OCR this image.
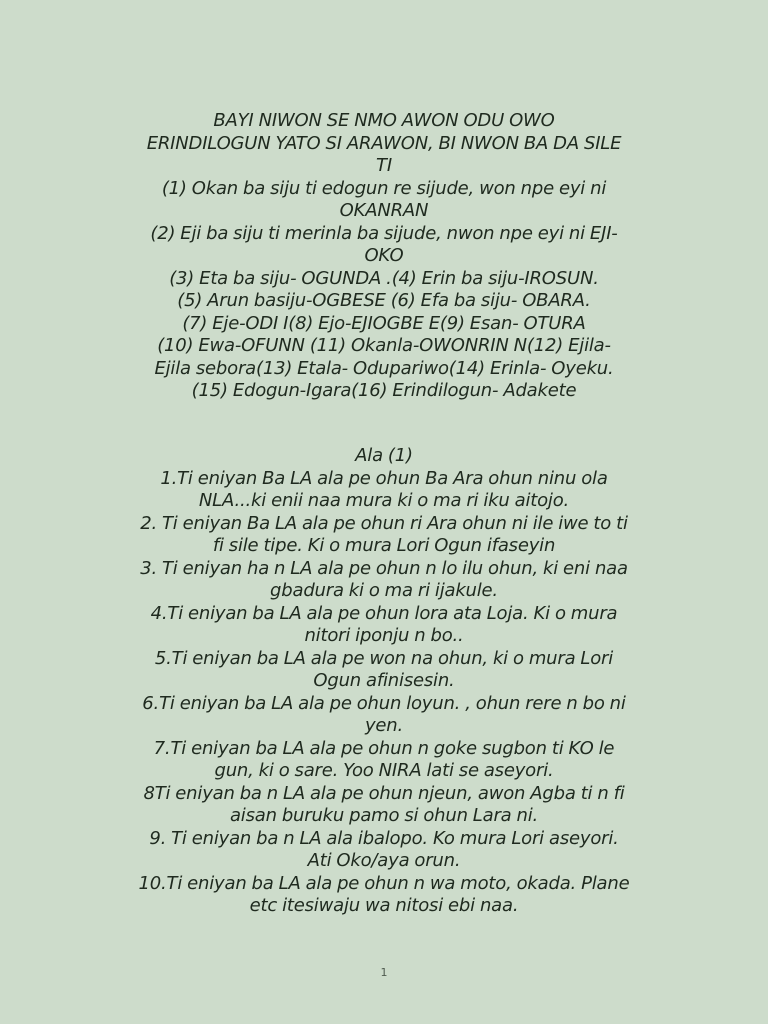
BAYI NIWON SE NMO AWON ODU OWO
ERINDILOGUN YATO SI ARAWON, BI NWON BA DA SILE
TI
(1) Okan ba siju ti edogun re sijude, won npe eyi ni
OKANRAN
(2) Eji ba siju ti merinla ba sijude, nwon npe eyi ni EJI-
OKO
(3) Eta ba siju- OGUNDA .(4) Erin ba siju-IROSUN.
(5) Arun basiju-OGBESE (6) Efa ba siju- OBARA.
(7) Eje-ODI I(8) Ejo-EJIOGBE E(9) Esan- OTURA
(10) Ewa-OFUNN (11) Okanla-OWONRIN N(12) Ejila-
Ejila sebora(13) Etala- Odupariwo(14) Erinla- Oyeku.
(15) Edogun-Igara(16) Erindilogun- Adakete
Ala (1)
1.Ti eniyan Ba LA ala pe ohun Ba Ara ohun ninu ola
NLA...ki enii naa mura ki o ma ri iku aitojo.
2. Ti eniyan Ba LA ala pe ohun ri Ara ohun ni ile iwe to ti
fi sile tipe. Ki o mura Lori Ogun ifaseyin
3. Ti eniyan ha n LA ala pe ohun n lo ilu ohun, ki eni naa
gbadura ki o ma ri ijakule.
4.Ti eniyan ba LA ala pe ohun lora ata Loja. Ki o mura
nitori iponju n bo..
5.Ti eniyan ba LA ala pe won na ohun, ki o mura Lori
Ogun afinisesin.
6.Ti eniyan ba LA ala pe ohun loyun. , ohun rere n bo ni
yen.
7.Ti eniyan ba LA ala pe ohun n goke sugbon ti KO le
gun, ki o sare. Yoo NIRA lati se aseyori.
8Ti eniyan ba n LA ala pe ohun njeun, awon Agba ti n fi
aisan buruku pamo si ohun Lara ni.
9. Ti eniyan ba n LA ala ibalopo. Ko mura Lori aseyori.
Ati Oko/aya orun.
10.Ti eniyan ba LA ala pe ohun n wa moto, okada. Plane
etc itesiwaju wa nitosi ebi naa.
1
